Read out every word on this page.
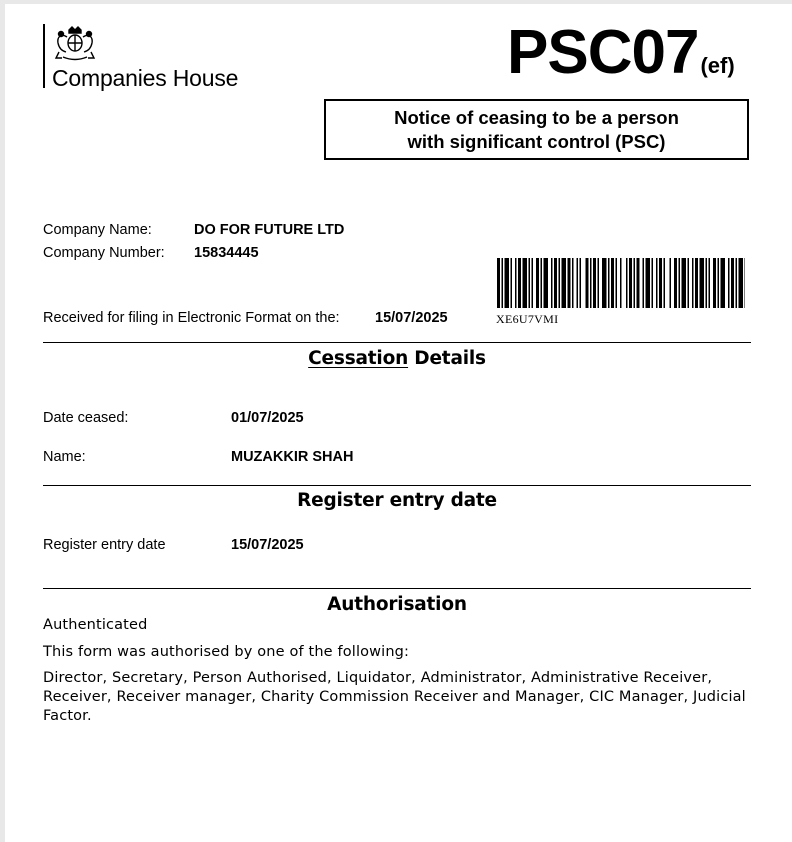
Companies House	PSC07(ef)
Notice of ceasing to be a person
with significant control (PSC)
Company Name:	DO FOR FUTURE LTD
Company Number: 15834445
XE6U7VMI
Received for filing in Electronic Format on the: 15/07/2025
Cessation Details
Date ceased:	01/07/2025
Name:	MUZAKKIR SHAH
Register entry date
Register entry date	15/07/2025
Authorisation
Authenticated
This form was authorised by one of the following:
Director, Secretary, Person Authorised, Liquidator, Administrator, Administrative Receiver, Receiver, Receiver manager, Charity Commission Receiver and Manager, CIC Manager, Judicial Factor.
